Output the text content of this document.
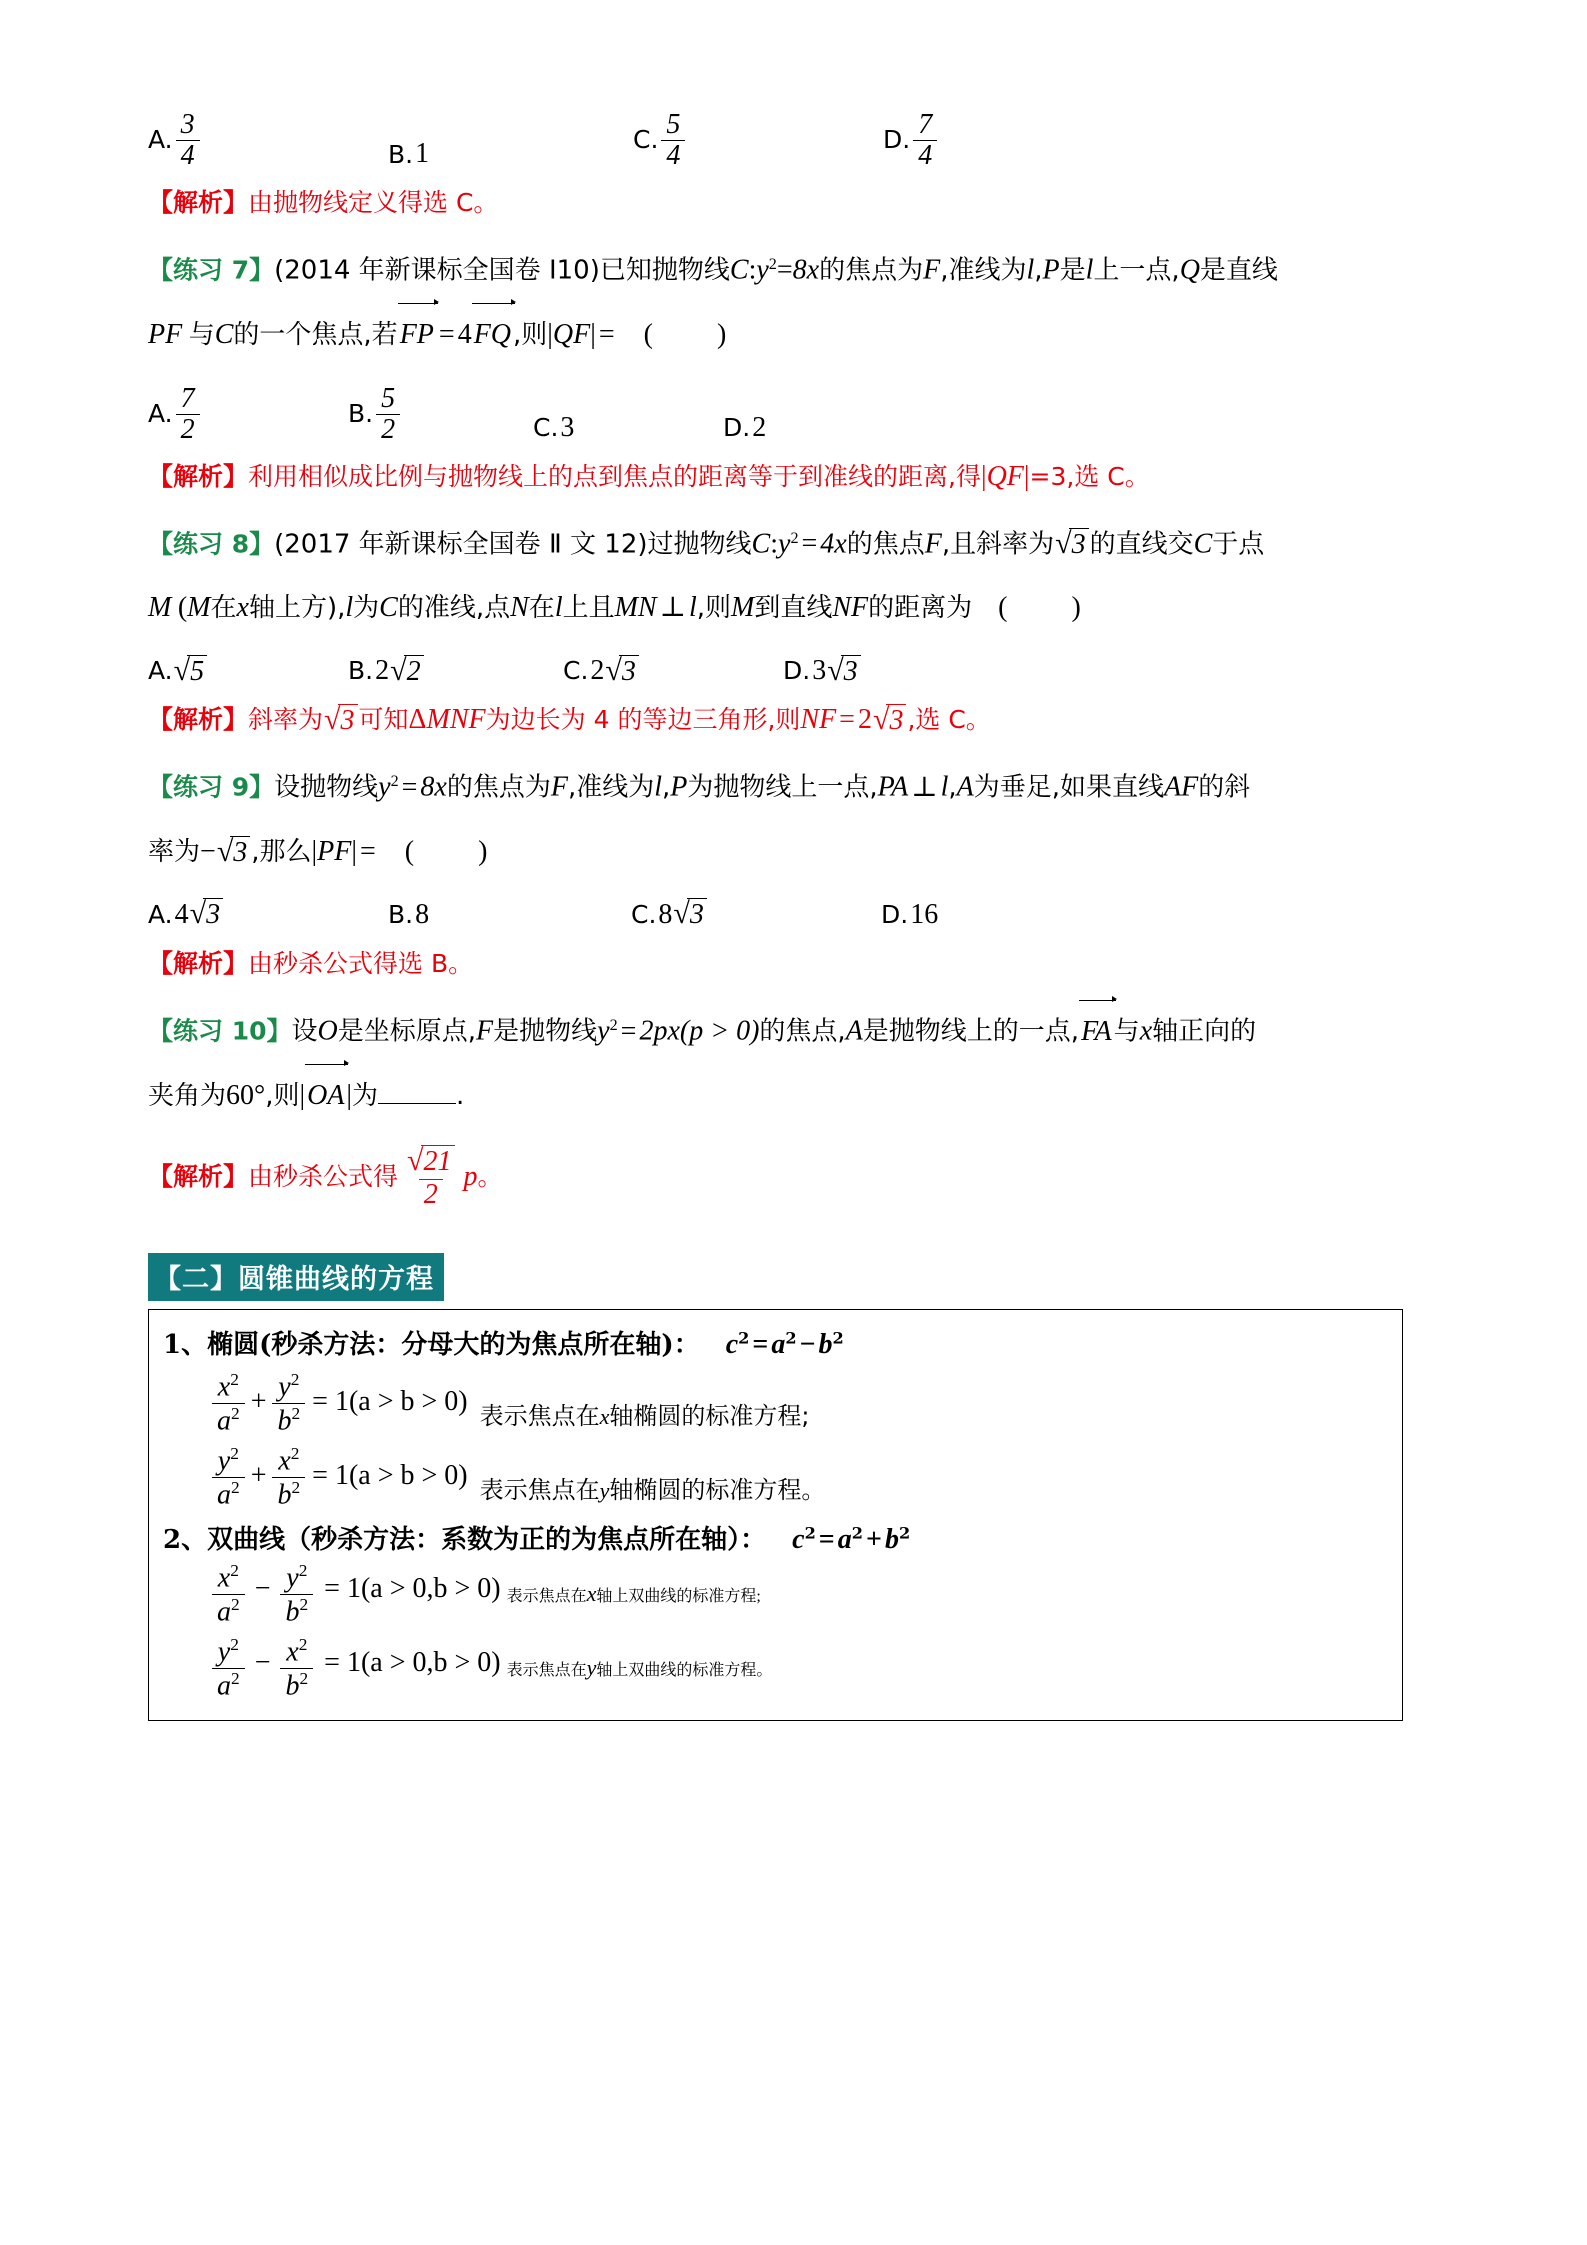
A. $\frac{3}{4}$	B. 1	C. $\frac{5}{4}$	D. $\frac{7}{4}$
【解析】由抛物线定义得选 C。
【练习 7】(2014 年新课标全国卷 I10)已知抛物线$C:y^2=8x$的焦点为F,准线为l,P是l上一点,Q是直线
PF 与C的一个焦点,若FP = 4FQ,则|QF| = ( )
A. $\frac{7}{2}$	B. $\frac{5}{2}$	C. 3	D. 2
【解析】利用相似成比例与抛物线上的点到焦点的距离等于到准线的距离,得|QF|=3,选 C。
【练习 8】(2017 年新课标全国卷 Ⅱ 文 12)过抛物线$C:y^2 = 4x$的焦点F,且斜率为 √ 3 的直线交C于点
M (M在x轴上方),l为C的准线,点N在l上且MN ⊥ l,则M到直线NF的距离为 ( )
A. √ 5	B. 2 √ 2	C. 2 √ 3	D. 3 √ 3
【解析】斜率为 √ 3 可知ΔMNF为边长为 4 的等边三角形,则NF = 2 √ 3 ,选 C。
【练习 9】设抛物线$y^2 = 8x$的焦点为F,准线为l,P为抛物线上一点,PA ⊥ l,A为垂足,如果直线AF的斜
率为− √ 3 ,那么|PF| = ( )
A. 4 √ 3	B. 8	C. 8 √ 3	D. 16
【解析】由秒杀公式得选 B。
【练习 10】设O是坐标原点,F是抛物线$y^2 = 2px(p > 0)$的焦点,A是抛物线上的一点,FA与x轴正向的
夹角为60°,则|OA|为	.
【解析】由秒杀公式得 $\frac{√ 21}{2}$ p。
【二】圆锥曲线的方程
1、椭圆(秒杀方法：分母大的为焦点所在轴)： $c^2 = a^2 - b^2$
$\frac{x^2}{a^2} + \frac{y^2}{b^2} = 1(a > b > 0)$ 表示焦点在x轴椭圆的标准方程;
$\frac{y^2}{a^2} + \frac{x^2}{b^2} = 1(a > b > 0)$ 表示焦点在y轴椭圆的标准方程。
2、双曲线（秒杀方法：系数为正的为焦点所在轴）： $c^2 = a^2 + b^2$
$\frac{x^2}{a^2} - \frac{y^2}{b^2} = 1(a > 0,b > 0)$ 表示焦点在x轴上双曲线的标准方程;
$\frac{y^2}{a^2} - \frac{x^2}{b^2} = 1(a > 0,b > 0)$ 表示焦点在y轴上双曲线的标准方程。
